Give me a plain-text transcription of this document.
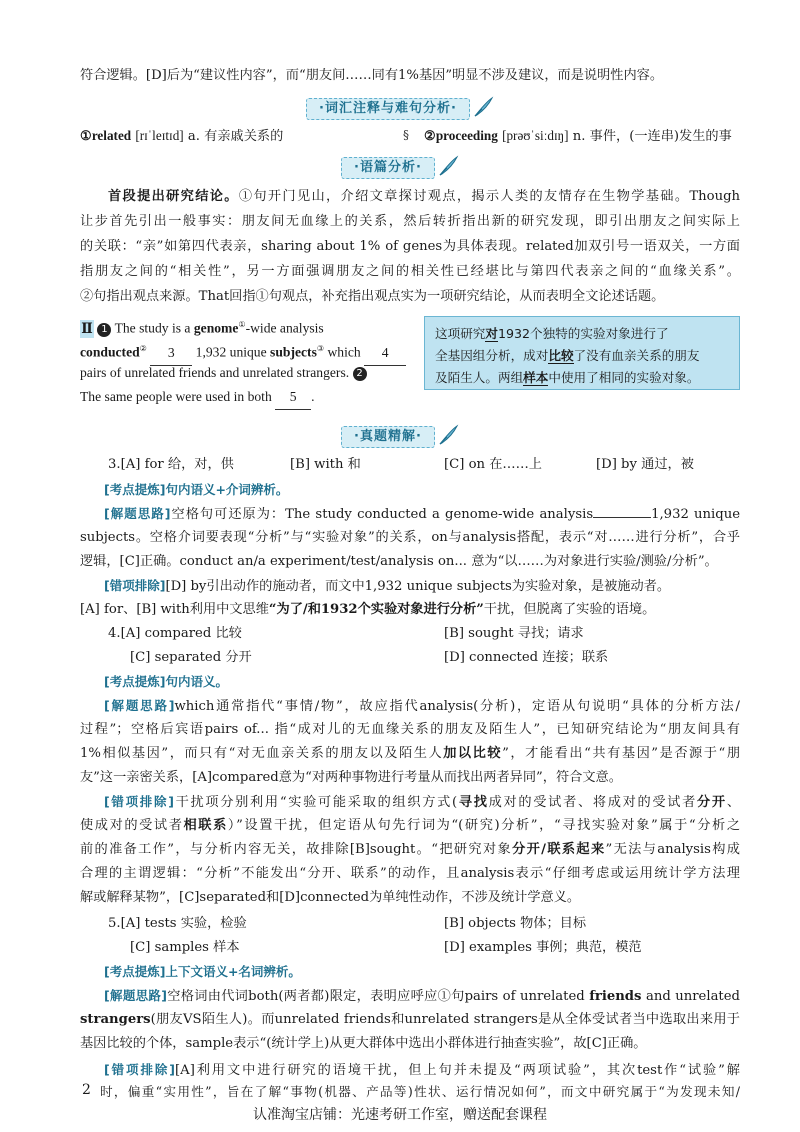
符合逻辑。[D]后为“建议性内容”，而“朋友间……同有1%基因”明显不涉及建议，而是说明性内容。
·词汇注释与难句分析·
①related [rɪˈleɪtɪd] a. 有亲戚关系的	§ ②proceeding [prəʊˈsiːdɪŋ] n. 事件，(一连串)发生的事
·语篇分析·
首段提出研究结论。①句开门见山，介绍文章探讨观点，揭示人类的友情存在生物学基础。Though
让步首先引出一般事实：朋友间无血缘上的关系，然后转折指出新的研究发现，即引出朋友之间实际上
的关联：“亲”如第四代表亲，sharing about 1% of genes为具体表现。related加双引号一语双关，一方面
指朋友之间的“相关性”，另一方面强调朋友之间的相关性已经堪比与第四代表亲之间的“血缘关系”。
②句指出观点来源。That回指①句观点，补充指出观点实为一项研究结论，从而表明全文论述话题。
Ⅱ 1 The study is a genome①-wide analysis
conducted② 3 1,932 unique subjects③ which 4
pairs of unrelated friends and unrelated strangers. 2
The same people were used in both 5 .
这项研究对1932个独特的实验对象进行了
全基因组分析，成对比较了没有血亲关系的朋友
及陌生人。两组样本中使用了相同的实验对象。
·真题精解·
3.[A] for 给，对，供	[B] with 和	[C] on 在……上	[D] by 通过，被
[考点提炼]句内语义+介词辨析。
[解题思路]空格句可还原为：The study conducted a genome-wide analysis	1,932 unique
subjects。空格介词要表现“分析”与“实验对象”的关系，on与analysis搭配，表示“对……进行分析”，合乎
逻辑，[C]正确。conduct an/a experiment/test/analysis on... 意为“以……为对象进行实验/测验/分析”。
[错项排除][D] by引出动作的施动者，而文中1,932 unique subjects为实验对象，是被施动者。
[A] for、[B] with利用中文思维“为了/和1932个实验对象进行分析”干扰，但脱离了实验的语境。
4.[A] compared 比较	[B] sought 寻找；请求
[C] separated 分开	[D] connected 连接；联系
[考点提炼]句内语义。
[解题思路]which通常指代“事情/物”，故应指代analysis(分析)，定语从句说明“具体的分析方法/
过程”；空格后宾语pairs of... 指“成对儿的无血缘关系的朋友及陌生人”，已知研究结论为“朋友间具有
1%相似基因”，而只有“对无血亲关系的朋友以及陌生人加以比较”，才能看出“共有基因”是否源于“朋
友”这一亲密关系，[A]compared意为“对两种事物进行考量从而找出两者异同”，符合文意。
[错项排除]干扰项分别利用“实验可能采取的组织方式(寻找成对的受试者、将成对的受试者分开、
使成对的受试者相联系）”设置干扰，但定语从句先行词为“(研究)分析”，“寻找实验对象”属于“分析之
前的准备工作”，与分析内容无关，故排除[B]sought。“把研究对象分开/联系起来”无法与analysis构成
合理的主谓逻辑：“分析”不能发出“分开、联系”的动作，且analysis表示“仔细考虑或运用统计学方法理
解或解释某物”，[C]separated和[D]connected为单纯性动作，不涉及统计学意义。
5.[A] tests 实验，检验	[B] objects 物体；目标
[C] samples 样本	[D] examples 事例；典范，模范
[考点提炼]上下文语义+名词辨析。
[解题思路]空格词由代词both(两者都)限定，表明应呼应①句pairs of unrelated friends and unrelated
strangers(朋友VS陌生人)。而unrelated friends和unrelated strangers是从全体受试者当中选取出来用于
基因比较的个体，sample表示“(统计学上)从更大群体中选出小群体进行抽查实验”，故[C]正确。
[错项排除][A]利用文中进行研究的语境干扰，但上句并未提及“两项试验”，其次test作“试验”解
时，偏重“实用性”，旨在了解“事物(机器、产品等)性状、运行情况如何”，而文中研究属于“为发现未知/
2
认准淘宝店铺：光速考研工作室，赠送配套课程
